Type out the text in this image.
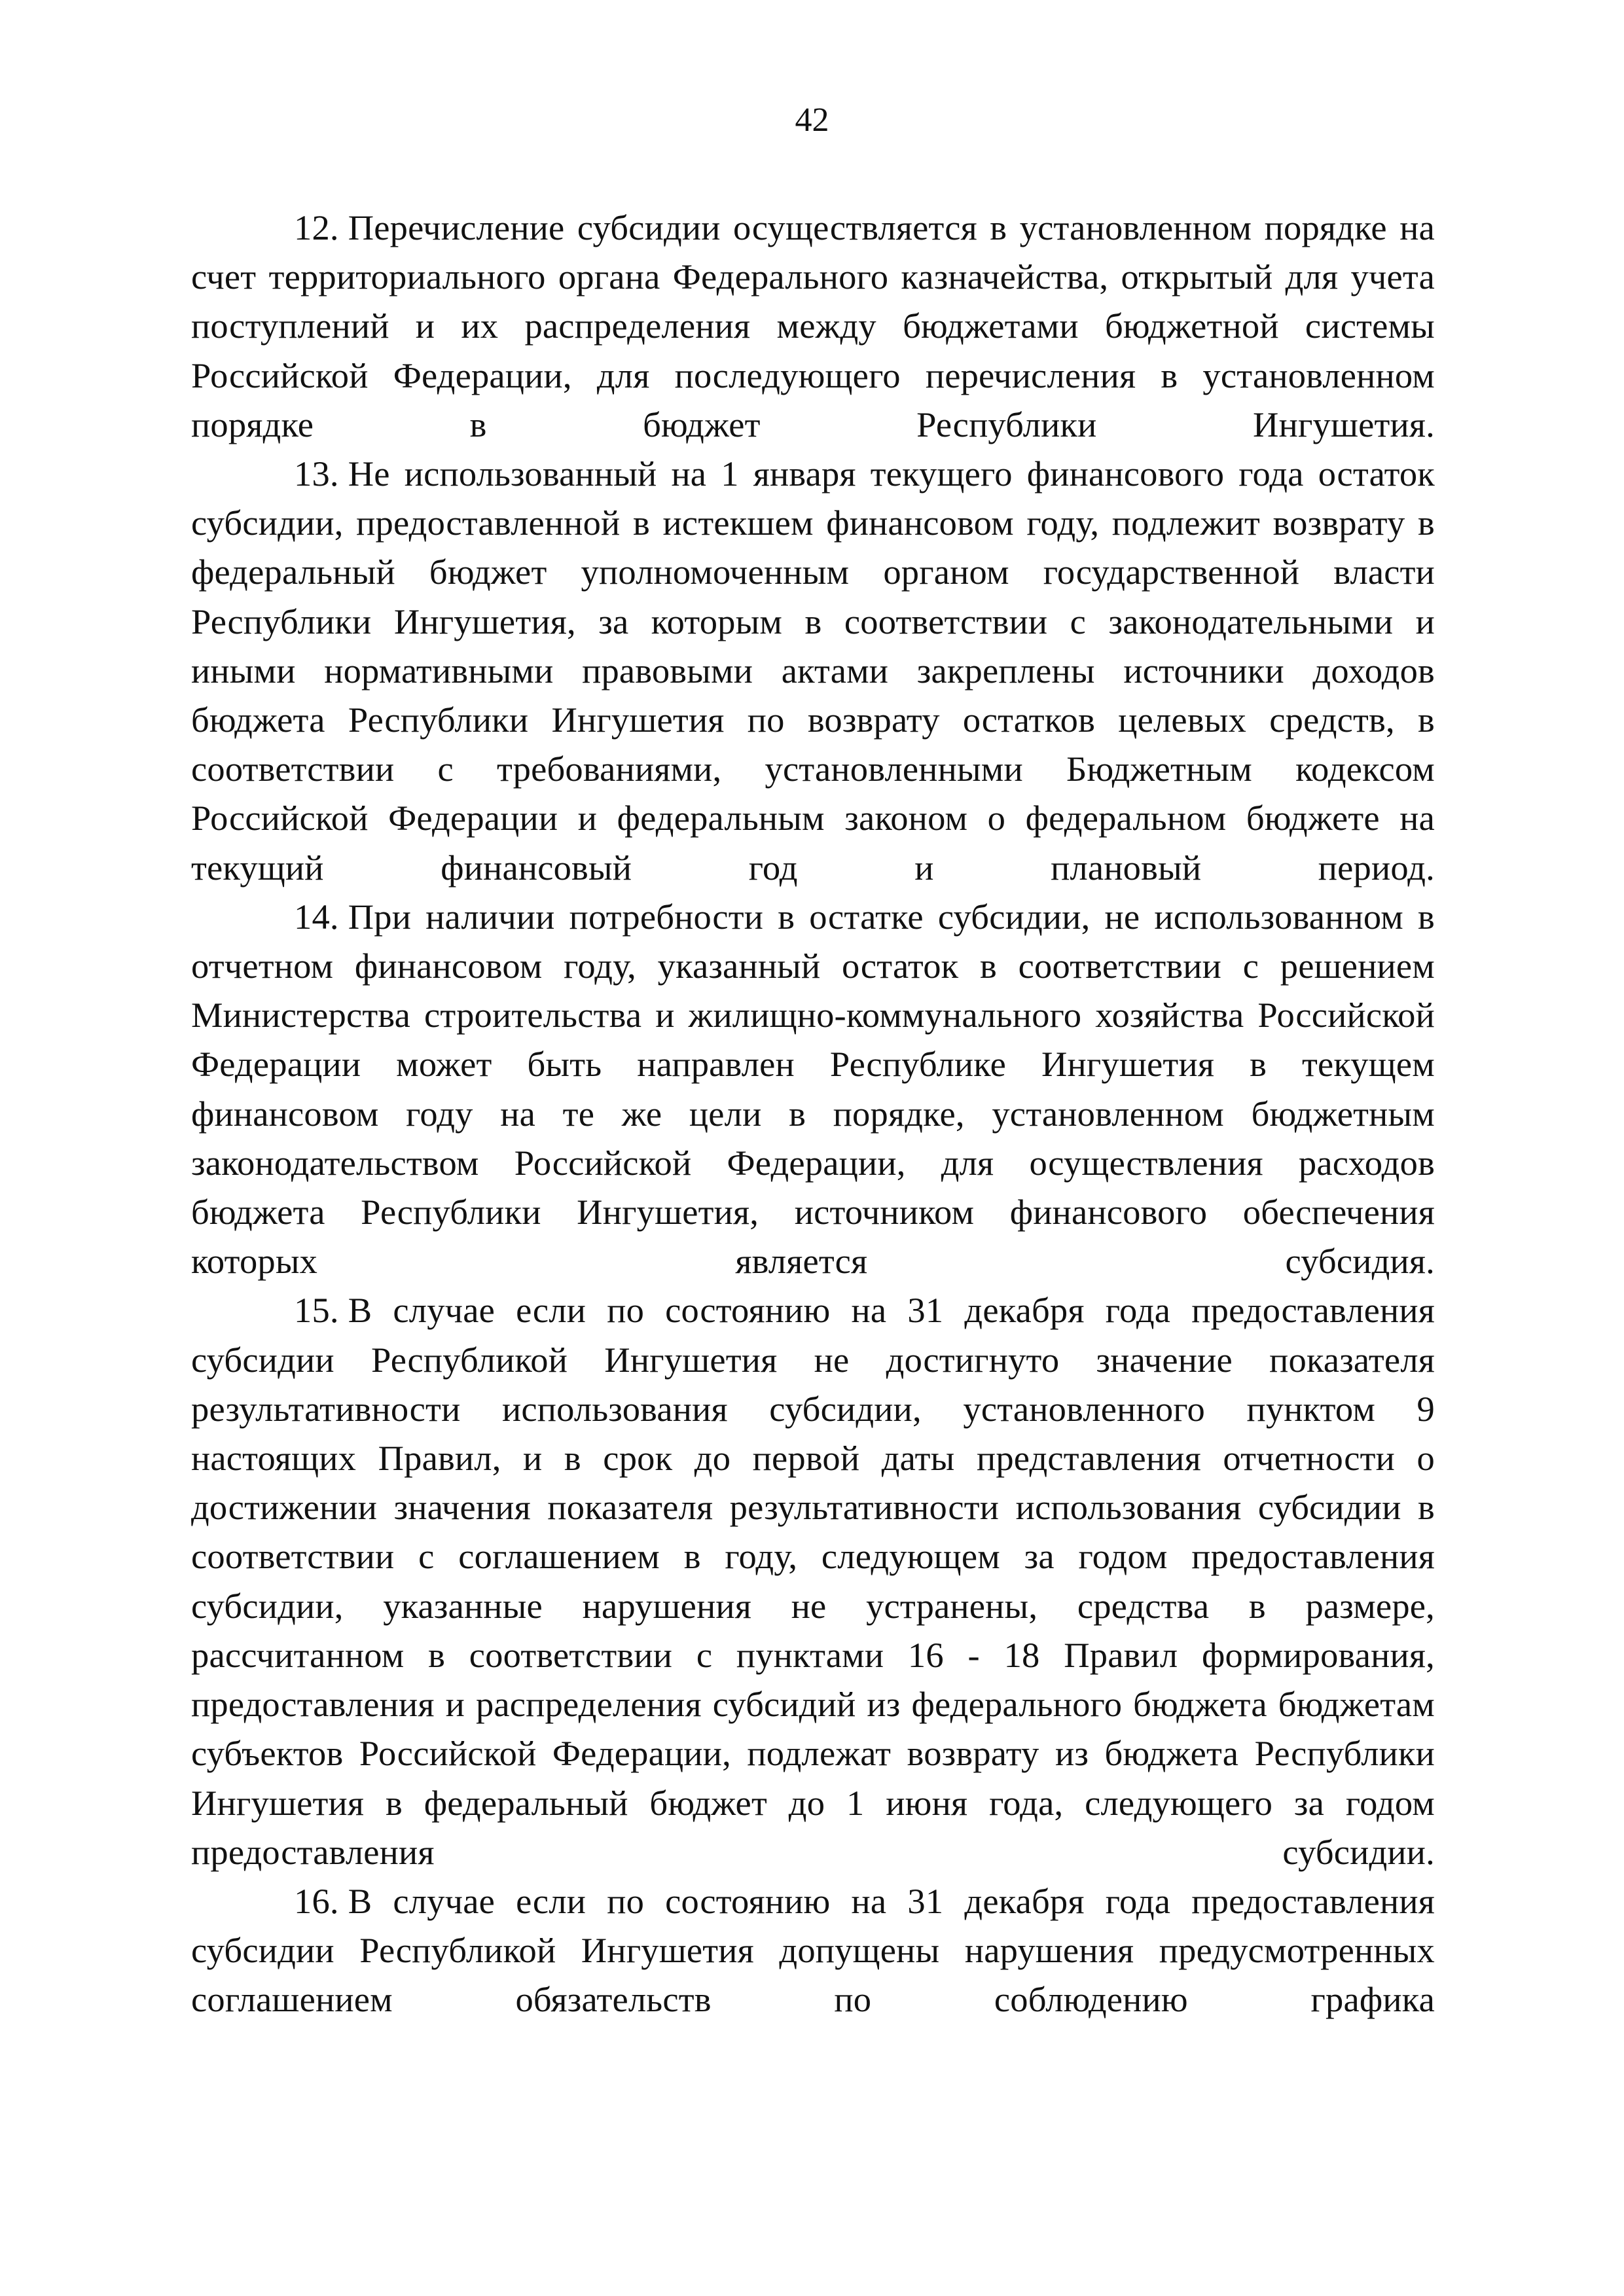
42

12. Перечисление субсидии осуществляется в установленном порядке на счет территориального органа Федерального казначейства, открытый для учета поступлений и их распределения между бюджетами бюджетной системы Российской Федерации, для последующего перечисления в установленном порядке в бюджет Республики Ингушетия.

13. Не использованный на 1 января текущего финансового года остаток субсидии, предоставленной в истекшем финансовом году, подлежит возврату в федеральный бюджет уполномоченным органом государственной власти Республики Ингушетия, за которым в соответствии с законодательными и иными нормативными правовыми актами закреплены источники доходов бюджета Республики Ингушетия по возврату остатков целевых средств, в соответствии с требованиями, установленными Бюджетным кодексом Российской Федерации и федеральным законом о федеральном бюджете на текущий финансовый год и плановый период.

14. При наличии потребности в остатке субсидии, не использованном в отчетном финансовом году, указанный остаток в соответствии с решением Министерства строительства и жилищно-коммунального хозяйства Российской Федерации может быть направлен Республике Ингушетия в текущем финансовом году на те же цели в порядке, установленном бюджетным законодательством Российской Федерации, для осуществления расходов бюджета Республики Ингушетия, источником финансового обеспечения которых является субсидия.

15. В случае если по состоянию на 31 декабря года предоставления субсидии Республикой Ингушетия не достигнуто значение показателя результативности использования субсидии, установленного пунктом 9 настоящих Правил, и в срок до первой даты представления отчетности о достижении значения показателя результативности использования субсидии в соответствии с соглашением в году, следующем за годом предоставления субсидии, указанные нарушения не устранены, средства в размере, рассчитанном в соответствии с пунктами 16 - 18 Правил формирования, предоставления и распределения субсидий из федерального бюджета бюджетам субъектов Российской Федерации, подлежат возврату из бюджета Республики Ингушетия в федеральный бюджет до 1 июня года, следующего за годом предоставления субсидии.

16. В случае если по состоянию на 31 декабря года предоставления субсидии Республикой Ингушетия допущены нарушения предусмотренных соглашением обязательств по соблюдению графика
